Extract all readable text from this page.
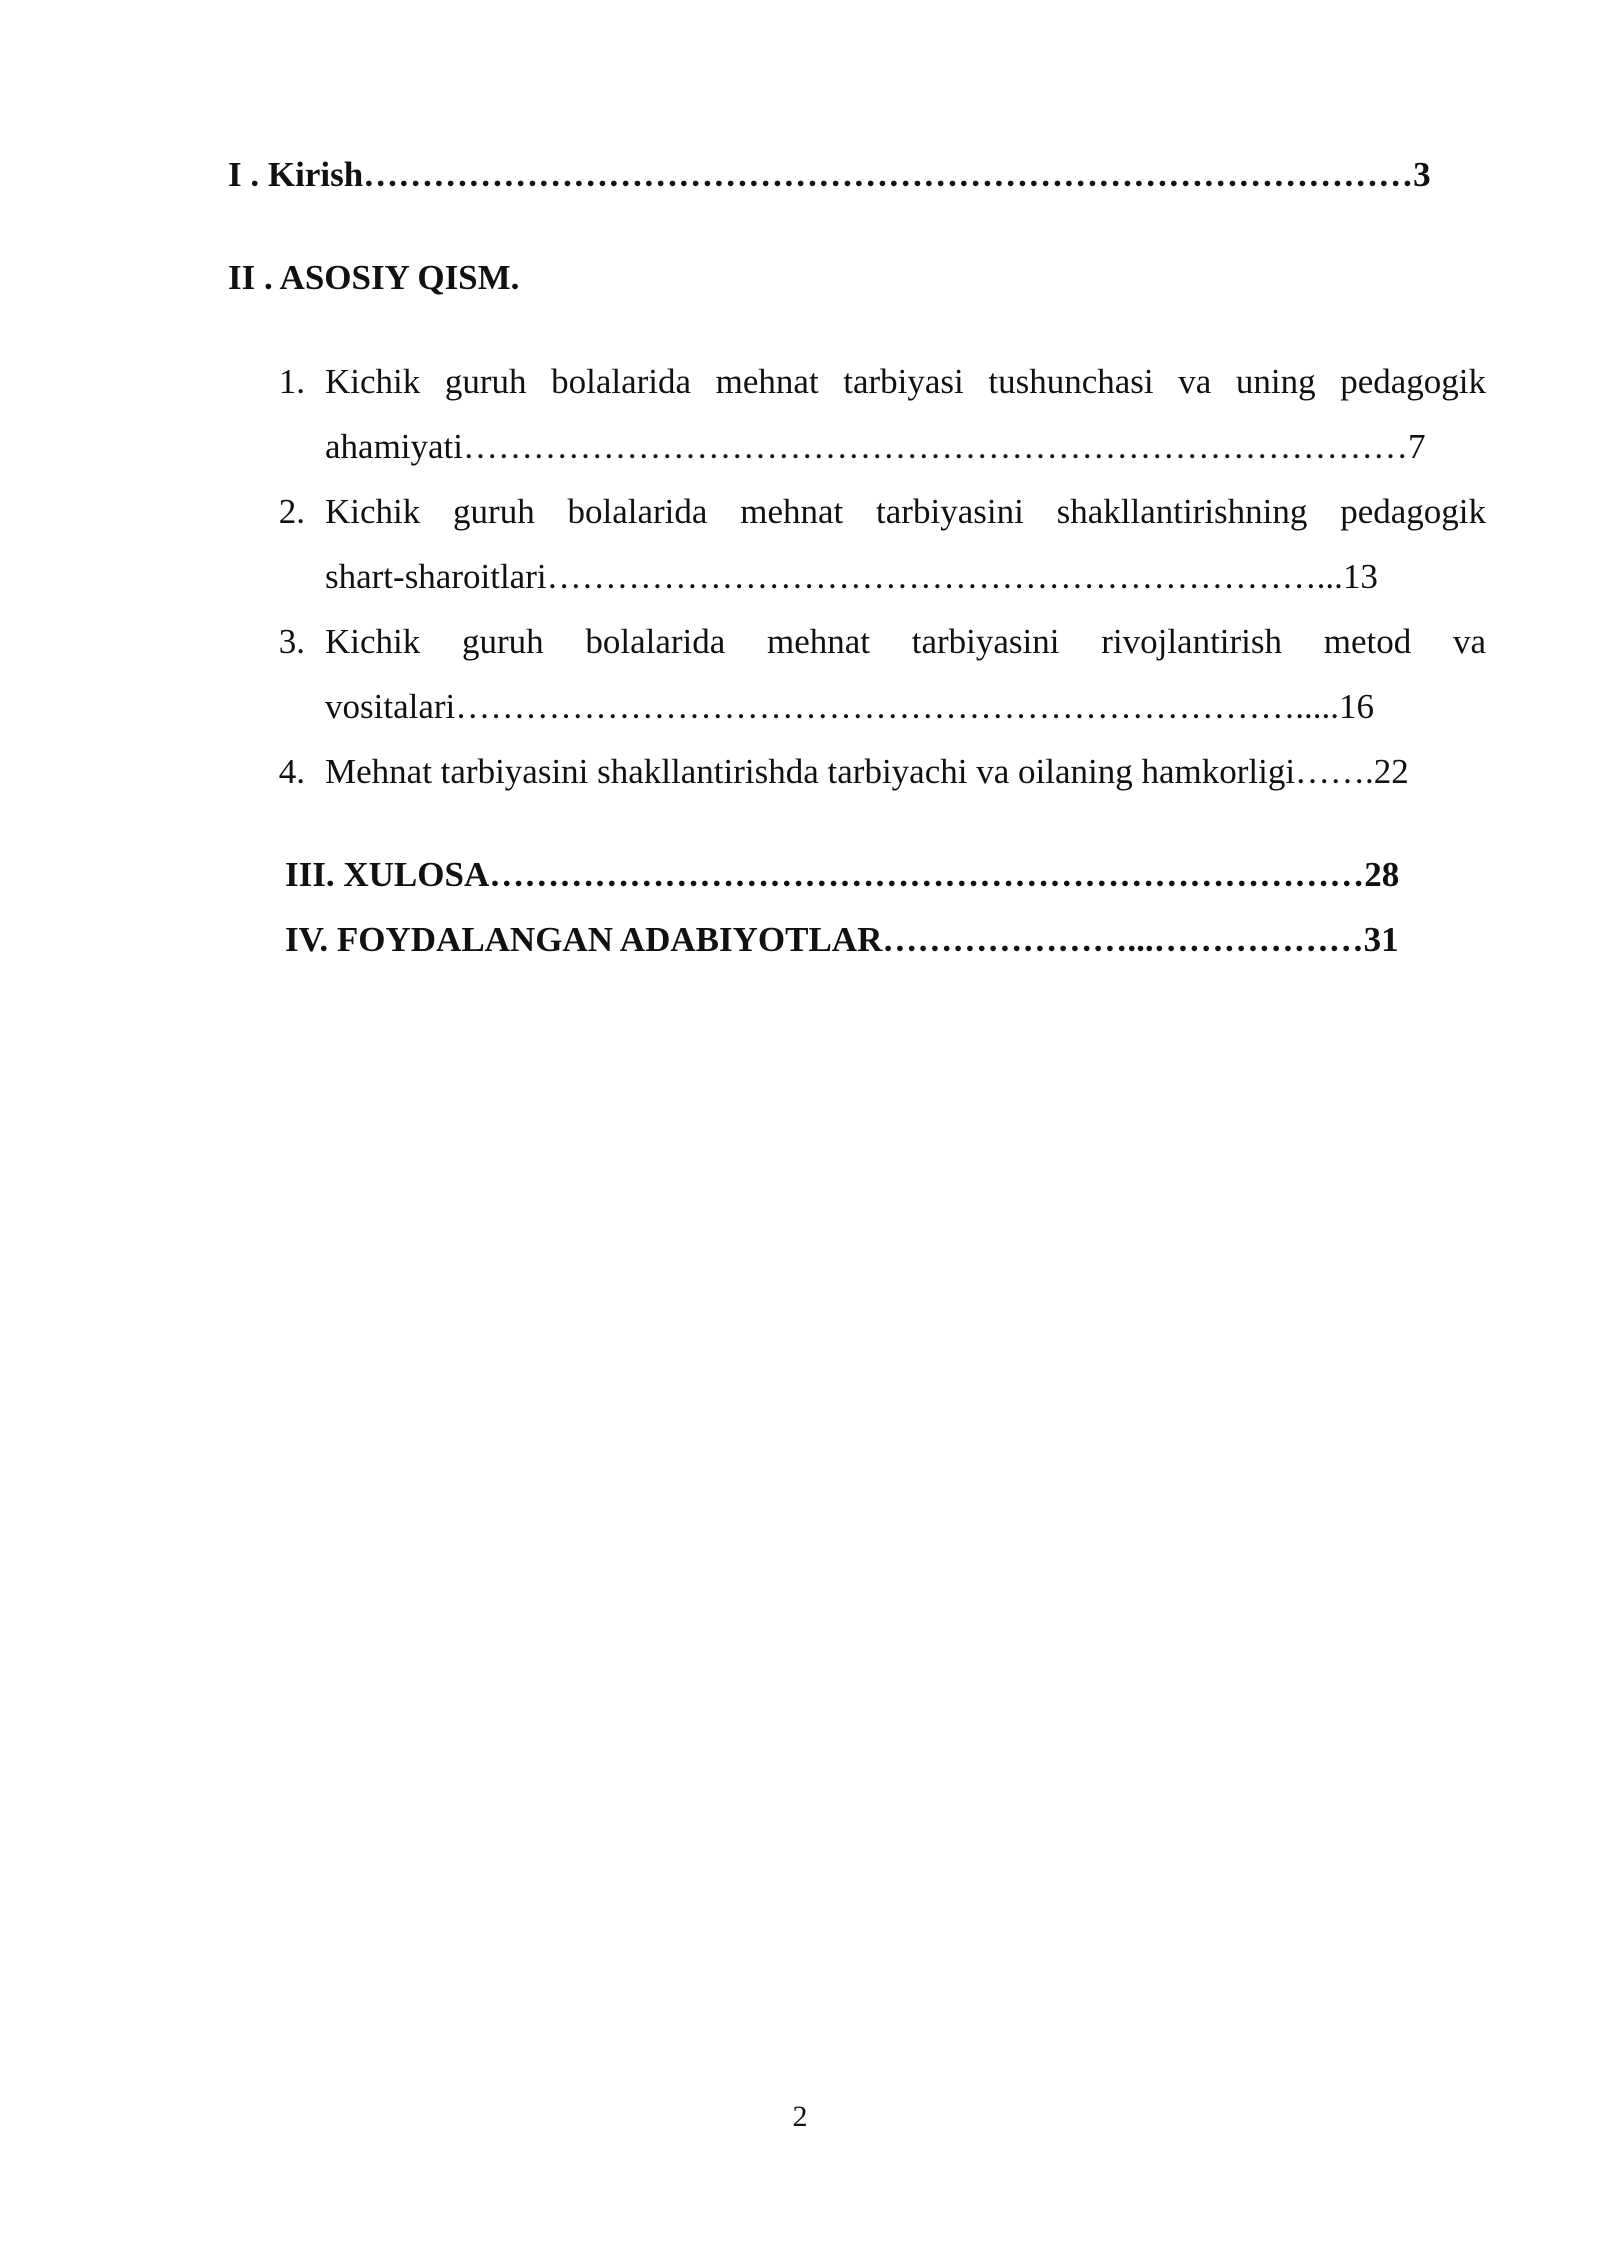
I . Kirish………………………………………………………………………………3
II . ASOSIY QISM.
1. Kichik guruh bolalarida mehnat tarbiyasi tushunchasi va uning pedagogik
ahamiyati………………………………………………………………………7
2. Kichik guruh bolalarida mehnat tarbiyasini shakllantirishning pedagogik
shart-sharoitlari…………………………………………………………...13
3. Kichik guruh bolalarida mehnat tarbiyasini rivojlantirish metod va
vositalari……………………………………………………………….....16
4. Mehnat tarbiyasini shakllantirishda tarbiyachi va oilaning hamkorligi…….22
III. XULOSA…………………………………………………………………28
IV. FOYDALANGAN ADABIYOTLAR…………………...………………31
2
